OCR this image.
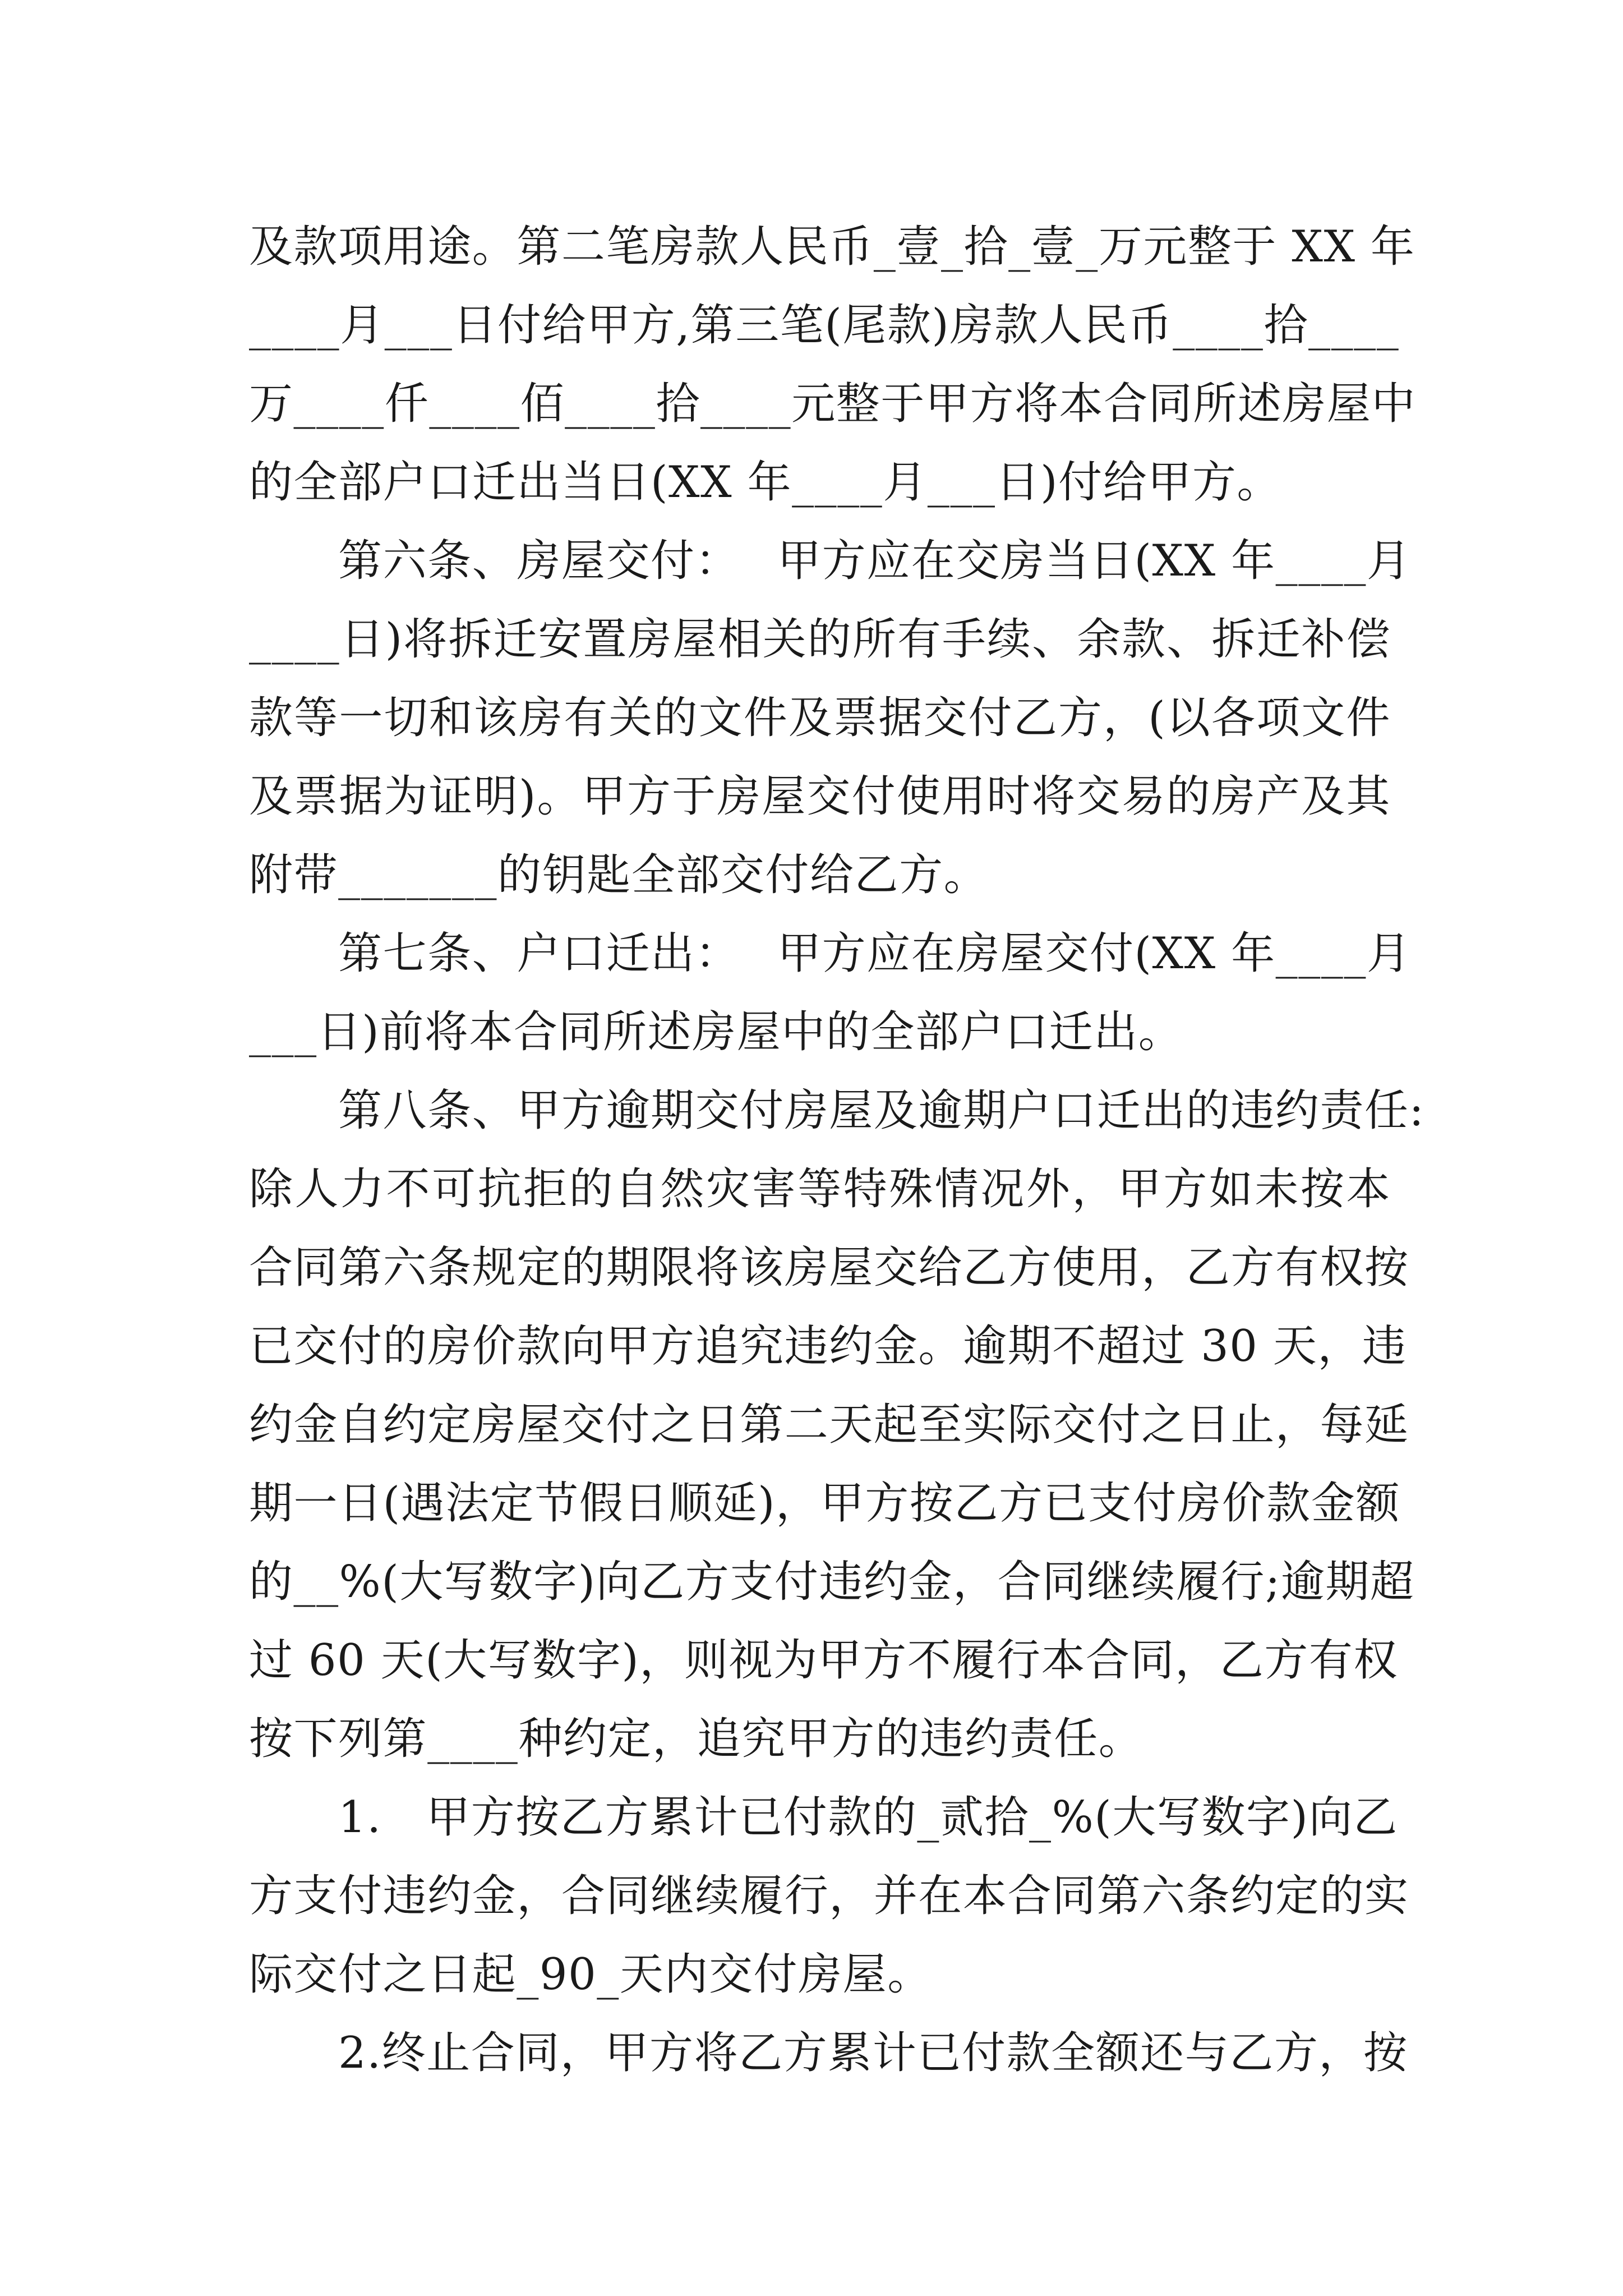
及款项用途。第二笔房款人民币_壹_拾_壹_万元整于 XX 年
____月___日付给甲方,第三笔(尾款)房款人民币____拾____
万____仟____佰____拾____元整于甲方将本合同所述房屋中
的全部户口迁出当日(XX 年____月___日)付给甲方。
　　第六条、房屋交付：　 甲方应在交房当日(XX 年____月
____日)将拆迁安置房屋相关的所有手续、余款、拆迁补偿
款等一切和该房有关的文件及票据交付乙方，(以各项文件
及票据为证明)。甲方于房屋交付使用时将交易的房产及其
附带_______的钥匙全部交付给乙方。
　　第七条、户口迁出：　 甲方应在房屋交付(XX 年____月
___日)前将本合同所述房屋中的全部户口迁出。
　　第八条、甲方逾期交付房屋及逾期户口迁出的违约责任:
除人力不可抗拒的自然灾害等特殊情况外，甲方如未按本
合同第六条规定的期限将该房屋交给乙方使用，乙方有权按
已交付的房价款向甲方追究违约金。逾期不超过 30 天，违
约金自约定房屋交付之日第二天起至实际交付之日止，每延
期一日(遇法定节假日顺延)，甲方按乙方已支付房价款金额
的__%(大写数字)向乙方支付违约金，合同继续履行;逾期超
过 60 天(大写数字)，则视为甲方不履行本合同，乙方有权
按下列第____种约定，追究甲方的违约责任。
　　1.　甲方按乙方累计已付款的_贰拾_%(大写数字)向乙
方支付违约金，合同继续履行，并在本合同第六条约定的实
际交付之日起_90_天内交付房屋。
　　2.终止合同，甲方将乙方累计已付款全额还与乙方，按
